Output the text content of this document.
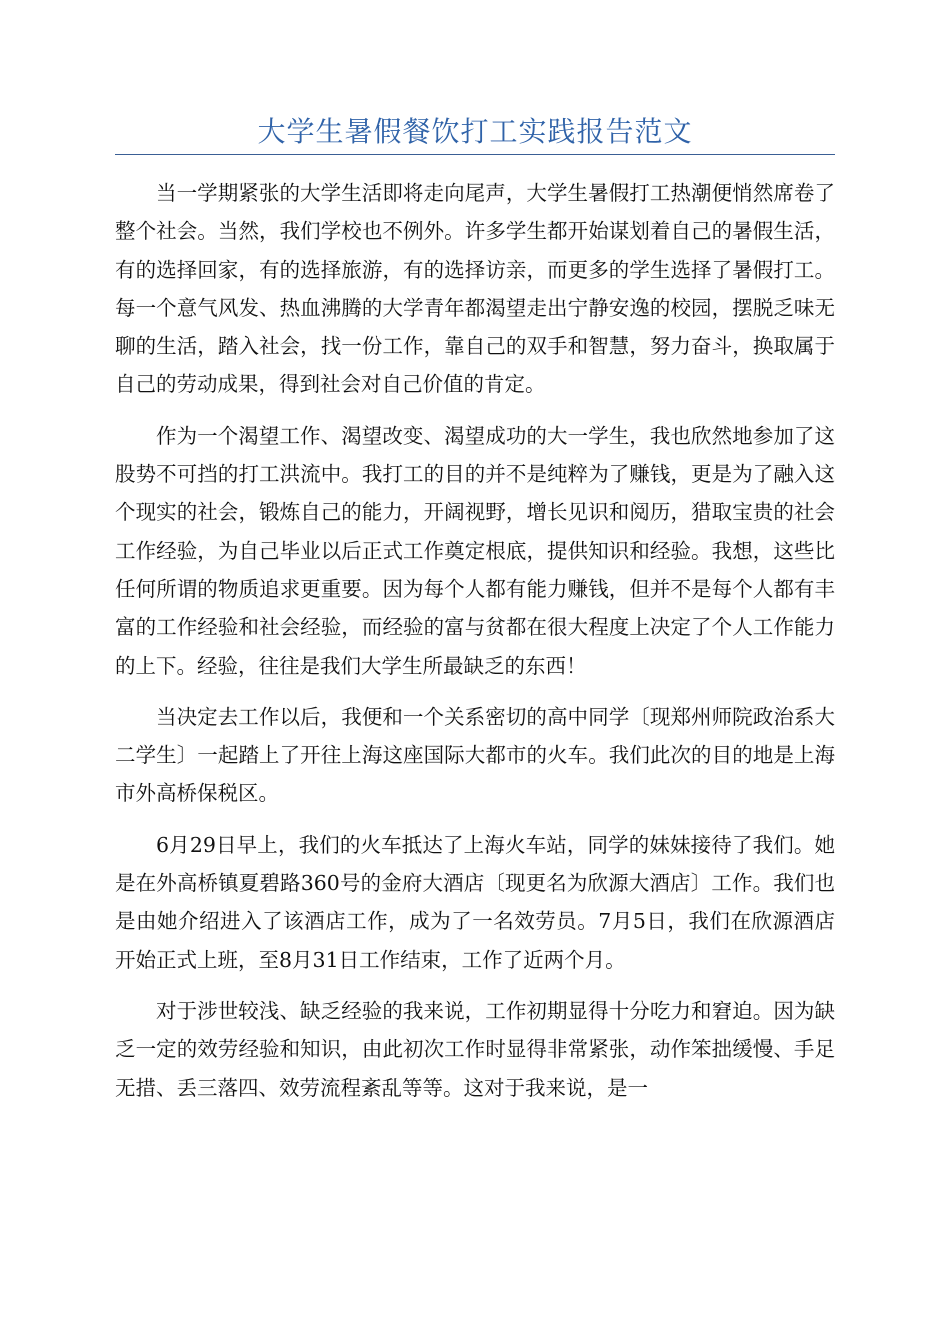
大学生暑假餐饮打工实践报告范文

当一学期紧张的大学生活即将走向尾声，大学生暑假打工热潮便悄然席卷了整个社会。当然，我们学校也不例外。许多学生都开始谋划着自己的暑假生活，有的选择回家，有的选择旅游，有的选择访亲，而更多的学生选择了暑假打工。每一个意气风发、热血沸腾的大学青年都渴望走出宁静安逸的校园，摆脱乏味无聊的生活，踏入社会，找一份工作，靠自己的双手和智慧，努力奋斗，换取属于自己的劳动成果，得到社会对自己价值的肯定。

作为一个渴望工作、渴望改变、渴望成功的大一学生，我也欣然地参加了这股势不可挡的打工洪流中。我打工的目的并不是纯粹为了赚钱，更是为了融入这个现实的社会，锻炼自己的能力，开阔视野，增长见识和阅历，猎取宝贵的社会工作经验，为自己毕业以后正式工作奠定根底，提供知识和经验。我想，这些比任何所谓的物质追求更重要。因为每个人都有能力赚钱，但并不是每个人都有丰富的工作经验和社会经验，而经验的富与贫都在很大程度上决定了个人工作能力的上下。经验，往往是我们大学生所最缺乏的东西！

当决定去工作以后，我便和一个关系密切的高中同学〔现郑州师院政治系大二学生〕一起踏上了开往上海这座国际大都市的火车。我们此次的目的地是上海市外高桥保税区。

6月29日早上，我们的火车抵达了上海火车站，同学的妹妹接待了我们。她是在外高桥镇夏碧路360号的金府大酒店〔现更名为欣源大酒店〕工作。我们也是由她介绍进入了该酒店工作，成为了一名效劳员。7月5日，我们在欣源酒店开始正式上班，至8月31日工作结束，工作了近两个月。

对于涉世较浅、缺乏经验的我来说，工作初期显得十分吃力和窘迫。因为缺乏一定的效劳经验和知识，由此初次工作时显得非常紧张，动作笨拙缓慢、手足无措、丢三落四、效劳流程紊乱等等。这对于我来说，是一
